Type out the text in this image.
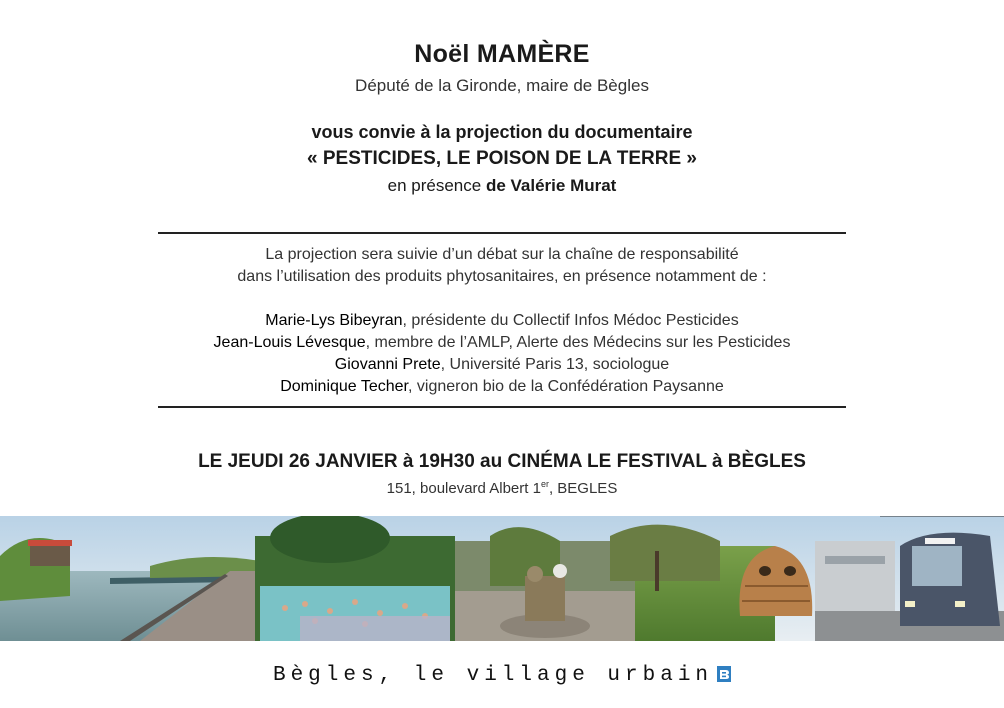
Noël MAMÈRE
Député de la Gironde, maire de Bègles
vous convie à la projection du documentaire
« PESTICIDES, LE POISON DE LA TERRE »
en présence de Valérie Murat
La projection sera suivie d’un débat sur la chaîne de responsabilité
dans l’utilisation des produits phytosanitaires, en présence notamment de :
Marie-Lys Bibeyran, présidente du Collectif Infos Médoc Pesticides
Jean-Louis Lévesque, membre de l’AMLP, Alerte des Médecins sur les Pesticides
Giovanni Prete, Université Paris 13, sociologue
Dominique Techer, vigneron bio de la Confédération Paysanne
LE JEUDI 26 JANVIER à 19H30 au CINÉMA LE FESTIVAL à BÈGLES
151, boulevard Albert 1er, BEGLES
Bègles, le village urbain
